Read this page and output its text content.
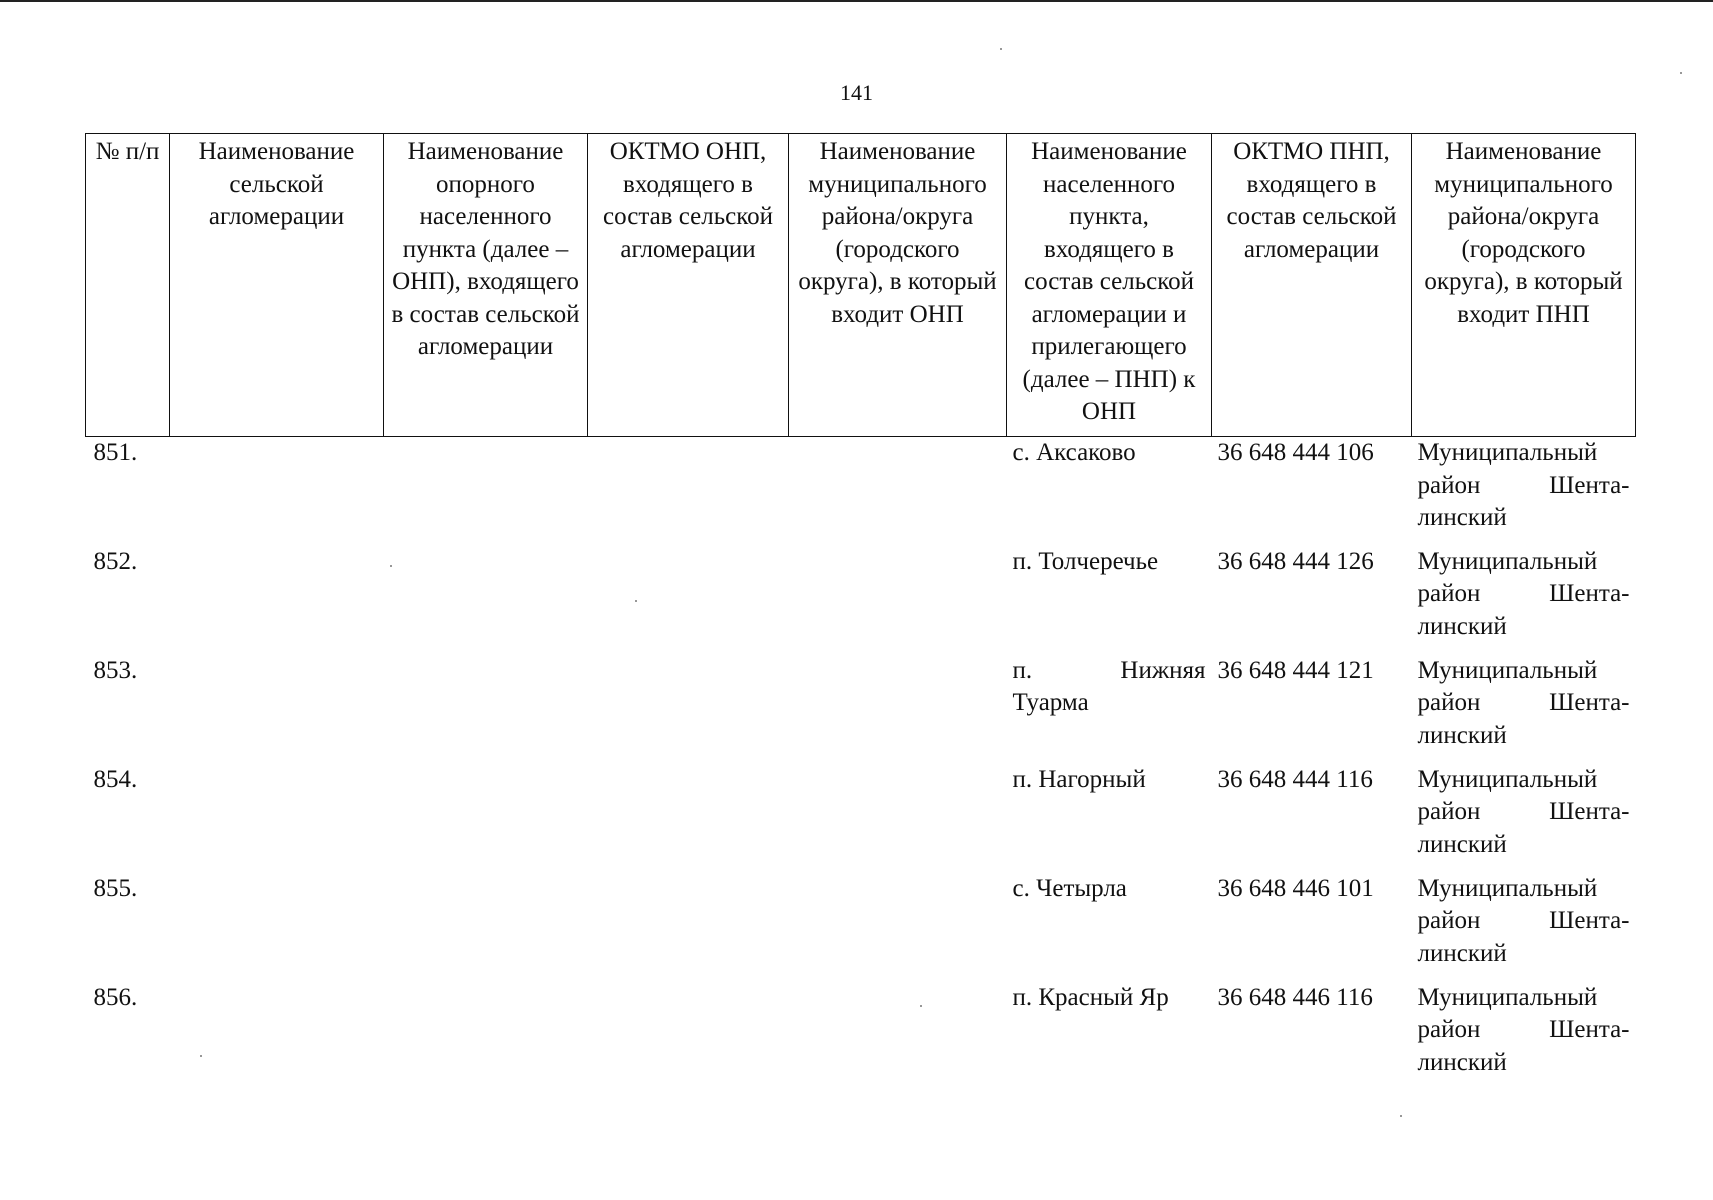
141
№ п/п	Наименование сельской агломерации	Наименование опорного населенного пункта (далее – ОНП), входящего в состав сельской агломерации	ОКТМО ОНП, входящего в состав сельской агломерации	Наименование муниципального района/округа (городского округа), в который входит ОНП	Наименование населенного пункта, входящего в состав сельской агломерации и прилегающего (далее – ПНП) к ОНП	ОКТМО ПНП, входящего в состав сельской агломерации	Наименование муниципального района/округа (городского округа), в который входит ПНП
851.					с. Аксаково	36 648 444 106	Муниципальный район Шента-
линский

852.					п. Толчеречье	36 648 444 126	Муниципальный район Шента-
линский

853.					п. Нижняя Туарма	36 648 444 121	Муниципальный район Шента-
линский

854.					п. Нагорный	36 648 444 116	Муниципальный район Шента-
линский

855.					с. Четырла	36 648 446 101	Муниципальный район Шента-
линский

856.					п. Красный Яр	36 648 446 116	Муниципальный район Шента-
линский
